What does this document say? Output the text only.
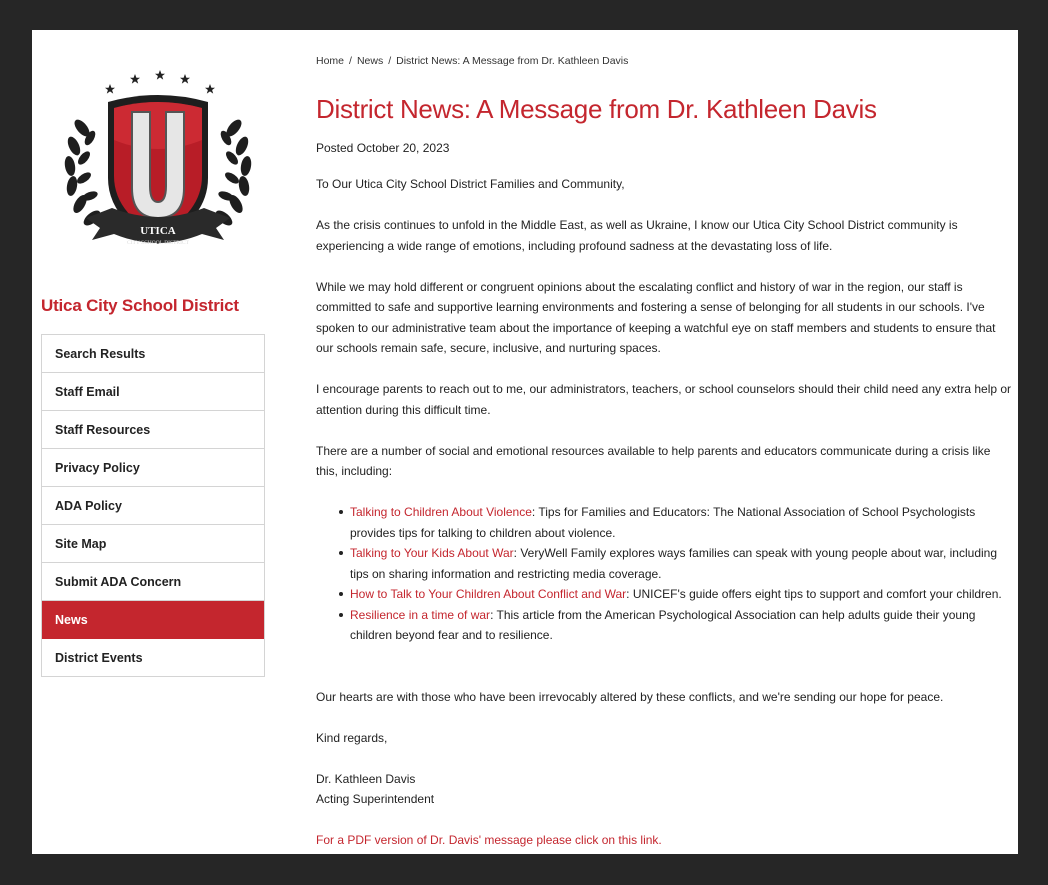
UTICA
CITY SCHOOL DISTRICT
Utica City School District
Search Results
Staff Email
Staff Resources
Privacy Policy
ADA Policy
Site Map
Submit ADA Concern
News
District Events
Home / News / District News: A Message from Dr. Kathleen Davis
District News: A Message from Dr. Kathleen Davis
Posted October 20, 2023

To Our Utica City School District Families and Community,

As the crisis continues to unfold in the Middle East, as well as Ukraine, I know our Utica City School District community is experiencing a wide range of emotions, including profound sadness at the devastating loss of life.

While we may hold different or congruent opinions about the escalating conflict and history of war in the region, our staff is committed to safe and supportive learning environments and fostering a sense of belonging for all students in our schools. I've spoken to our administrative team about the importance of keeping a watchful eye on staff members and students to ensure that our schools remain safe, secure, inclusive, and nurturing spaces.

I encourage parents to reach out to me, our administrators, teachers, or school counselors should their child need any extra help or attention during this difficult time.

There are a number of social and emotional resources available to help parents and educators communicate during a crisis like this, including:

Talking to Children About Violence: Tips for Families and Educators: The National Association of School Psychologists provides tips for talking to children about violence.
Talking to Your Kids About War: VeryWell Family explores ways families can speak with young people about war, including tips on sharing information and restricting media coverage.
How to Talk to Your Children About Conflict and War: UNICEF's guide offers eight tips to support and comfort your children.
Resilience in a time of war: This article from the American Psychological Association can help adults guide their young children beyond fear and to resilience.

Our hearts are with those who have been irrevocably altered by these conflicts, and we're sending our hope for peace.

Kind regards,

Dr. Kathleen Davis
Acting Superintendent

For a PDF version of Dr. Davis' message please click on this link.
